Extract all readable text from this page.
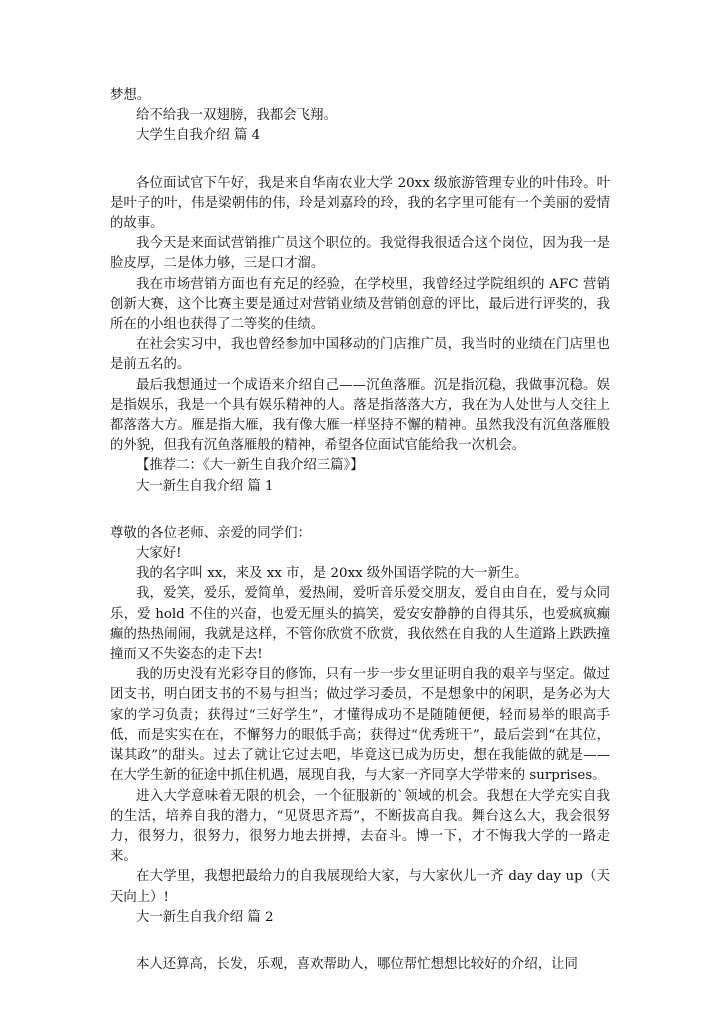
梦想。

给不给我一双翅膀，我都会飞翔。

大学生自我介绍 篇 4

各位面试官下午好，我是来自华南农业大学 20xx 级旅游管理专业的叶伟玲。叶是叶子的叶，伟是梁朝伟的伟，玲是刘嘉玲的玲，我的名字里可能有一个美丽的爱情的故事。

我今天是来面试营销推广员这个职位的。我觉得我很适合这个岗位，因为我一是脸皮厚，二是体力够，三是口才溜。

我在市场营销方面也有充足的经验，在学校里，我曾经过学院组织的 AFC 营销创新大赛，这个比赛主要是通过对营销业绩及营销创意的评比，最后进行评奖的，我所在的小组也获得了二等奖的佳绩。

在社会实习中，我也曾经参加中国移动的门店推广员，我当时的业绩在门店里也是前五名的。

最后我想通过一个成语来介绍自己——沉鱼落雁。沉是指沉稳，我做事沉稳。娱是指娱乐，我是一个具有娱乐精神的人。落是指落落大方，我在为人处世与人交往上都落落大方。雁是指大雁，我有像大雁一样坚持不懈的精神。虽然我没有沉鱼落雁般的外貌，但我有沉鱼落雁般的精神，希望各位面试官能给我一次机会。

【推荐二：《大一新生自我介绍三篇》】

大一新生自我介绍 篇 1

尊敬的各位老师、亲爱的同学们：

大家好!

我的名字叫 xx，来及 xx 市，是 20xx 级外国语学院的大一新生。

我，爱笑，爱乐，爱简单，爱热闹，爱听音乐爱交朋友，爱自由自在，爱与众同乐，爱 hold 不住的兴奋，也爱无厘头的搞笑，爱安安静静的自得其乐，也爱疯疯癫癫的热热闹闹，我就是这样，不管你欣赏不欣赏，我依然在自我的人生道路上跌跌撞撞而又不失姿态的走下去!

我的历史没有光彩夺目的修饰，只有一步一步女里证明自我的艰辛与坚定。做过团支书，明白团支书的不易与担当；做过学习委员，不是想象中的闲职，是务必为大家的学习负责；获得过“三好学生”，才懂得成功不是随随便便，轻而易举的眼高手低，而是实实在在，不懈努力的眼低手高；获得过“优秀班干”，最后尝到“在其位，谋其政”的甜头。过去了就让它过去吧，毕竟这已成为历史，想在我能做的就是——在大学生新的征途中抓住机遇，展现自我，与大家一齐同享大学带来的 surprises。

进入大学意味着无限的机会，一个征服新的`领域的机会。我想在大学充实自我的生活，培养自我的潜力，“见贤思齐焉”，不断拔高自我。舞台这么大，我会很努力，很努力，很努力，很努力地去拼搏，去奋斗。博一下，才不悔我大学的一路走来。

在大学里，我想把最给力的自我展现给大家，与大家伙儿一齐 day day up（天天向上）!

大一新生自我介绍 篇 2

本人还算高，长发，乐观，喜欢帮助人，哪位帮忙想想比较好的介绍，让同
